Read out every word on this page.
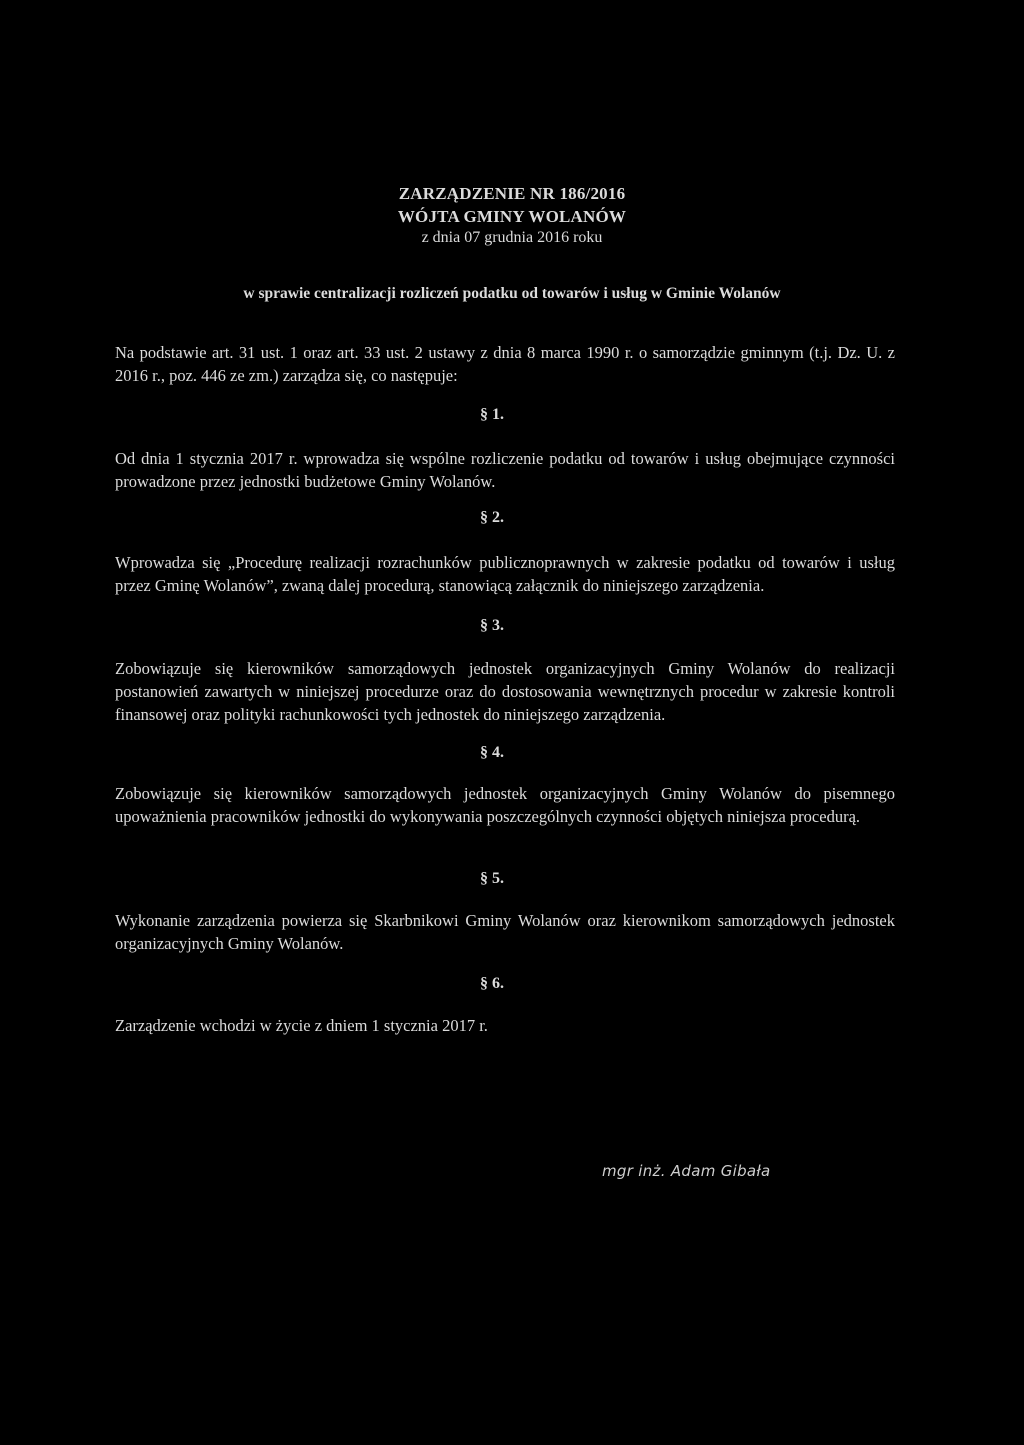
ZARZĄDZENIE NR 186/2016
WÓJTA GMINY WOLANÓW
z dnia 07 grudnia 2016 roku
w sprawie centralizacji rozliczeń podatku od towarów i usług w Gminie Wolanów
Na podstawie art. 31 ust. 1 oraz art. 33 ust. 2 ustawy z dnia 8 marca 1990 r. o samorządzie gminnym (t.j. Dz. U. z 2016 r., poz. 446 ze zm.) zarządza się, co następuje:
§ 1.
Od dnia 1 stycznia 2017 r. wprowadza się wspólne rozliczenie podatku od towarów i usług obejmujące czynności prowadzone przez jednostki budżetowe Gminy Wolanów.
§ 2.
Wprowadza się „Procedurę realizacji rozrachunków publicznoprawnych w zakresie podatku od towarów i usług przez Gminę Wolanów”, zwaną dalej procedurą, stanowiącą załącznik do niniejszego zarządzenia.
§ 3.
Zobowiązuje się kierowników samorządowych jednostek organizacyjnych Gminy Wolanów do realizacji postanowień zawartych w niniejszej procedurze oraz do dostosowania wewnętrznych procedur w zakresie kontroli finansowej oraz polityki rachunkowości tych jednostek do niniejszego zarządzenia.
§ 4.
Zobowiązuje się kierowników samorządowych jednostek organizacyjnych Gminy Wolanów do pisemnego upoważnienia pracowników jednostki do wykonywania poszczególnych czynności objętych niniejsza procedurą.
§ 5.
Wykonanie zarządzenia powierza się Skarbnikowi Gminy Wolanów oraz kierownikom samorządowych jednostek organizacyjnych Gminy Wolanów.
§ 6.
Zarządzenie wchodzi w życie z dniem 1 stycznia 2017 r.
mgr inż. Adam Gibała
